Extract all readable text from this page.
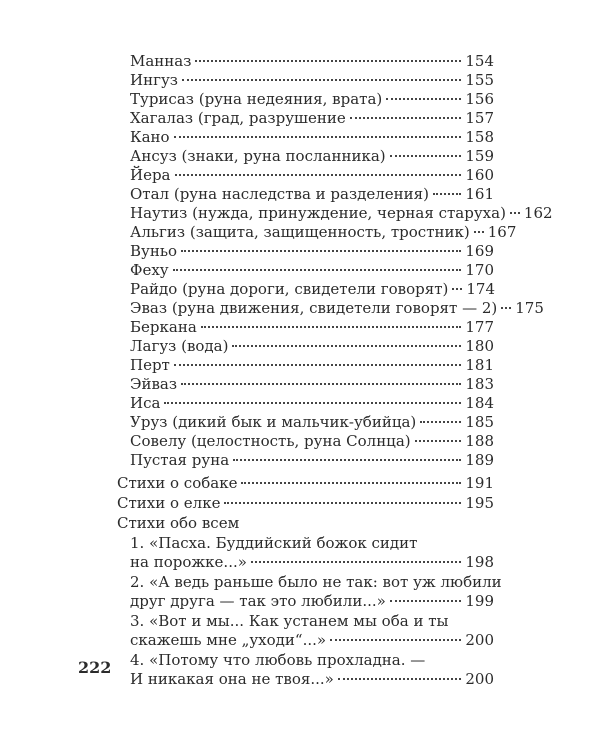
Манназ	154
Ингуз	155
Турисаз (руна недеяния, врата)	156
Хагалаз (град, разрушение	157
Кано	158
Ансуз (знаки, руна посланника)	159
Йера	160
Отал (руна наследства и разделения) 161
Наутиз (нужда, принуждение, черная старуха) 162
Альгиз (защита, защищенность, тростник) 167
Вуньо	169
Феху	170
Райдо (руна дороги, свидетели говорят) 174
Эваз (руна движения, свидетели говорят — 2) 175
Беркана	177
Лагуз (вода)	180
Перт	181
Эйваз	183
Иса	184
Уруз (дикий бык и мальчик-убийца)	185
Совелу (целостность, руна Солнца)	188
Пустая руна	189
Стихи о собаке	191
Стихи о елке	195
Стихи обо всем
1. «Пасха. Буддийский божок сидит
на порожке...»	198
2. «А ведь раньше было не так: вот уж любили
друг друга — так это любили...»	199
3. «Вот и мы... Как устанем мы оба и ты
скажешь мне „уходи“...»	200
4. «Потому что любовь прохладна. —
И никакая она не твоя...»	200
222
